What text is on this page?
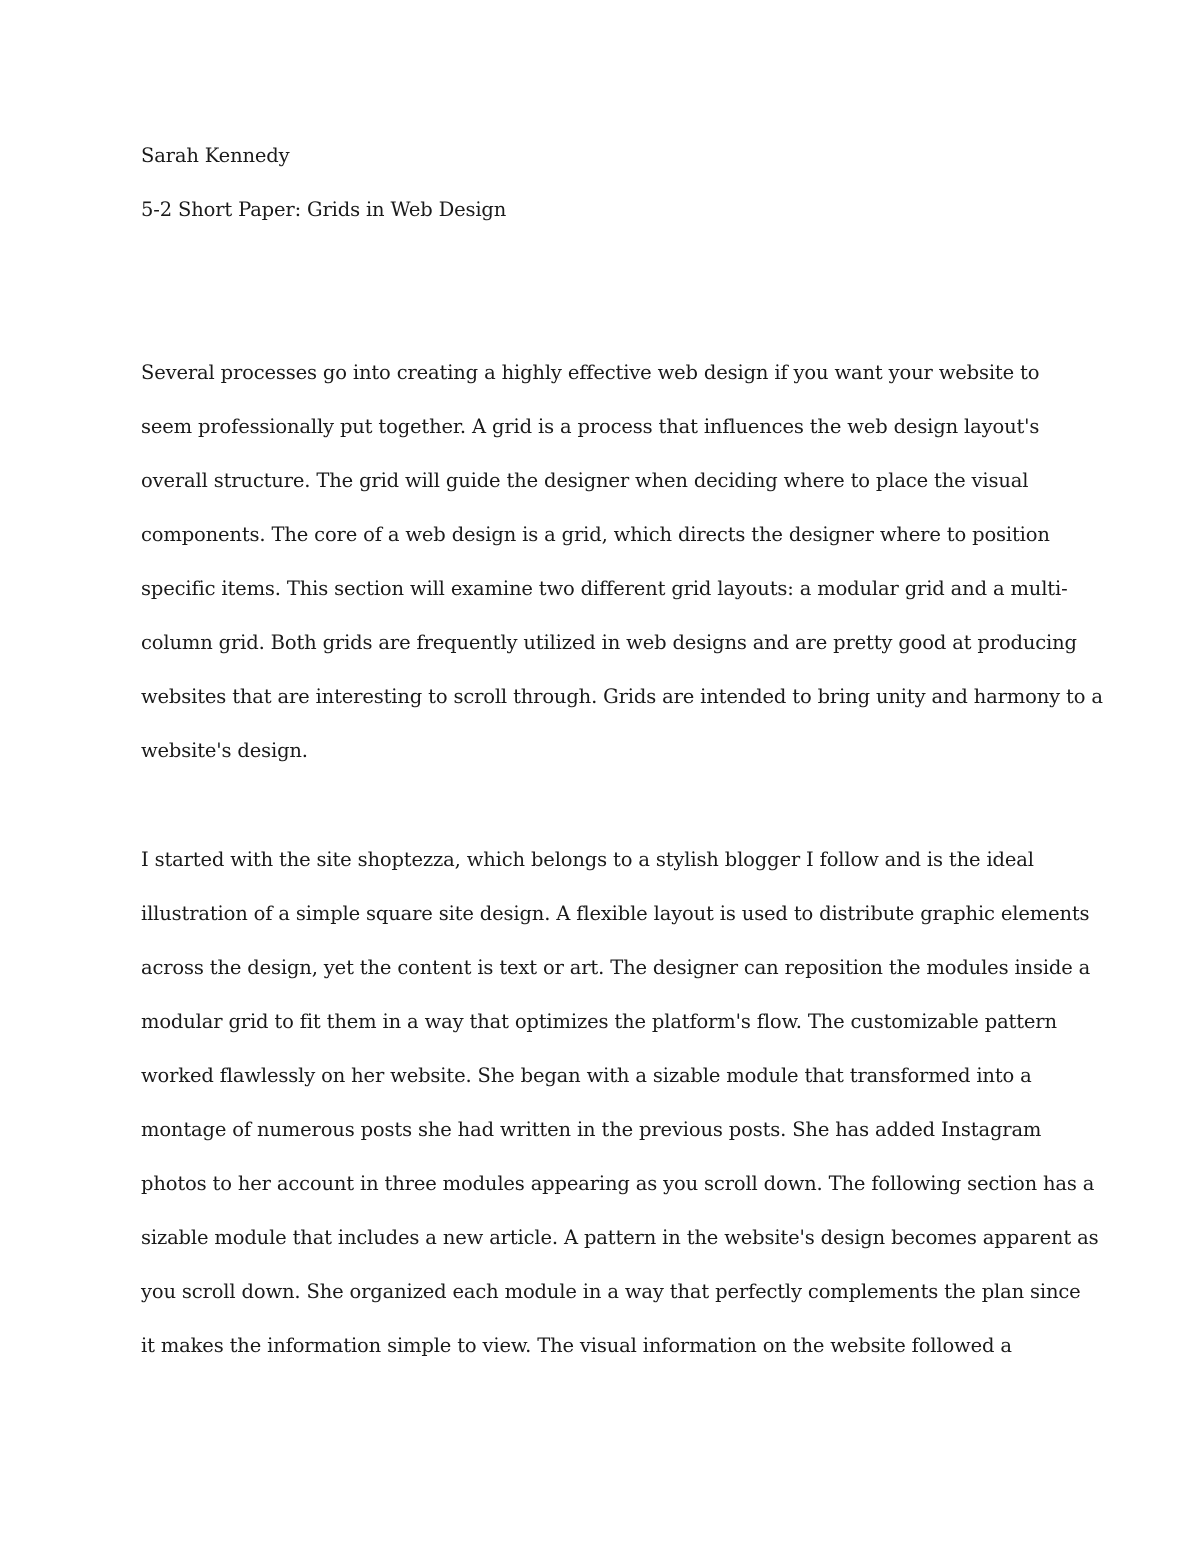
Sarah Kennedy
5-2 Short Paper: Grids in Web Design
Several processes go into creating a highly effective web design if you want your website to
seem professionally put together. A grid is a process that influences the web design layout's
overall structure. The grid will guide the designer when deciding where to place the visual
components. The core of a web design is a grid, which directs the designer where to position
specific items. This section will examine two different grid layouts: a modular grid and a multi-
column grid. Both grids are frequently utilized in web designs and are pretty good at producing
websites that are interesting to scroll through. Grids are intended to bring unity and harmony to a
website's design.
I started with the site shoptezza, which belongs to a stylish blogger I follow and is the ideal
illustration of a simple square site design. A flexible layout is used to distribute graphic elements
across the design, yet the content is text or art. The designer can reposition the modules inside a
modular grid to fit them in a way that optimizes the platform's flow. The customizable pattern
worked flawlessly on her website. She began with a sizable module that transformed into a
montage of numerous posts she had written in the previous posts. She has added Instagram
photos to her account in three modules appearing as you scroll down. The following section has a
sizable module that includes a new article. A pattern in the website's design becomes apparent as
you scroll down. She organized each module in a way that perfectly complements the plan since
it makes the information simple to view. The visual information on the website followed a
